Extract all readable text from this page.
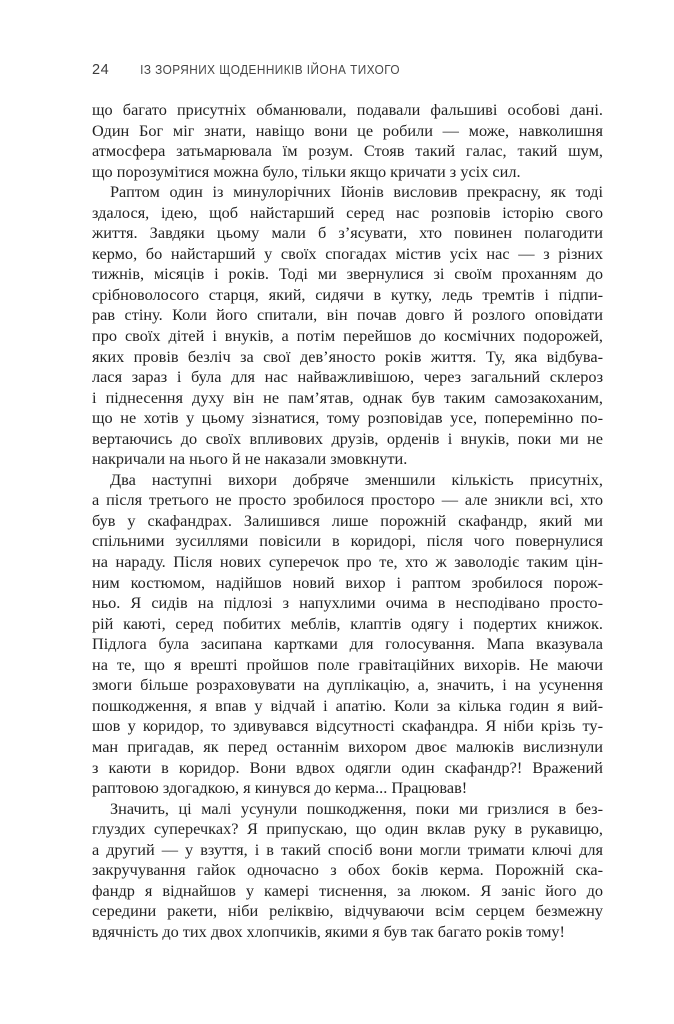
24	ІЗ ЗОРЯНИХ ЩОДЕННИКІВ ІЙОНА ТИХОГО
що багато присутніх обманювали, подавали фальшиві особові дані.
Один Бог міг знати, навіщо вони це робили — може, навколишня
атмосфера затьмарювала їм розум. Стояв такий галас, такий шум,
що порозумітися можна було, тільки якщо кричати з усіх сил.
Раптом один із минулорічних Ійонів висловив прекрасну, як тоді
здалося, ідею, щоб найстарший серед нас розповів історію свого
життя. Завдяки цьому мали б з’ясувати, хто повинен полагодити
кермо, бо найстарший у своїх спогадах містив усіх нас — з різних
тижнів, місяців і років. Тоді ми звернулися зі своїм проханням до
срібноволосого старця, який, сидячи в кутку, ледь тремтів і підпи-
рав стіну. Коли його спитали, він почав довго й розлого оповідати
про своїх дітей і внуків, а потім перейшов до космічних подорожей,
яких провів безліч за свої дев’яносто років життя. Ту, яка відбува-
лася зараз і була для нас найважливішою, через загальний склероз
і піднесення духу він не пам’ятав, однак був таким самозакоханим,
що не хотів у цьому зізнатися, тому розповідав усе, поперемінно по-
вертаючись до своїх впливових друзів, орденів і внуків, поки ми не
накричали на нього й не наказали змовкнути.
Два наступні вихори добряче зменшили кількість присутніх,
а після третього не просто зробилося просторо — але зникли всі, хто
був у скафандрах. Залишився лише порожній скафандр, який ми
спільними зусиллями повісили в коридорі, після чого повернулися
на нараду. Після нових суперечок про те, хто ж заволодіє таким цін-
ним костюмом, надійшов новий вихор і раптом зробилося порож-
ньо. Я сидів на підлозі з напухлими очима в несподівано просто-
рій каюті, серед побитих меблів, клаптів одягу і подертих книжок.
Підлога була засипана картками для голосування. Мапа вказувала
на те, що я врешті пройшов поле гравітаційних вихорів. Не маючи
змоги більше розраховувати на дуплікацію, а, значить, і на усунення
пошкодження, я впав у відчай і апатію. Коли за кілька годин я вий-
шов у коридор, то здивувався відсутності скафандра. Я ніби крізь ту-
ман пригадав, як перед останнім вихором двоє малюків вислизнули
з каюти в коридор. Вони вдвох одягли один скафандр?! Вражений
раптовою здогадкою, я кинувся до керма... Працював!
Значить, ці малі усунули пошкодження, поки ми гризлися в без-
глуздих суперечках? Я припускаю, що один вклав руку в рукавицю,
а другий — у взуття, і в такий спосіб вони могли тримати ключі для
закручування гайок одночасно з обох боків керма. Порожній ска-
фандр я віднайшов у камері тиснення, за люком. Я заніс його до
середини ракети, ніби реліквію, відчуваючи всім серцем безмежну
вдячність до тих двох хлопчиків, якими я був так багато років тому!
